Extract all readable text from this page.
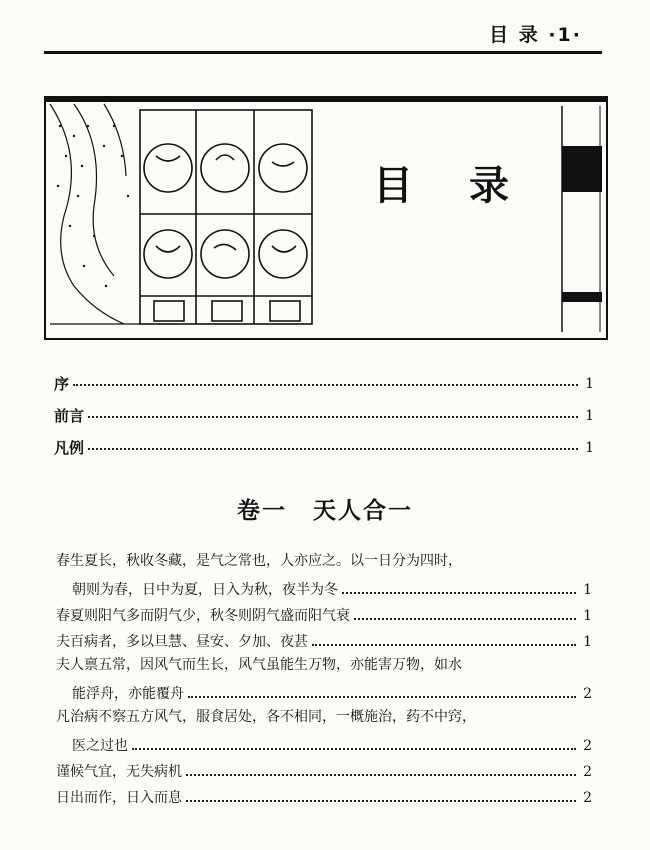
目 录 ·1·
目录
序	1
前言	1
凡例	1
卷一 天人合一
春生夏长，秋收冬藏，是气之常也，人亦应之。以一日分为四时，
朝则为春，日中为夏，日入为秋，夜半为冬	1
春夏则阳气多而阴气少，秋冬则阴气盛而阳气衰	1
夫百病者，多以旦慧、昼安、夕加、夜甚	1
夫人禀五常，因风气而生长，风气虽能生万物，亦能害万物，如水
能浮舟，亦能覆舟	2
凡治病不察五方风气，服食居处，各不相同，一概施治，药不中窍，
医之过也	2
谨候气宜，无失病机	2
日出而作，日入而息	2
